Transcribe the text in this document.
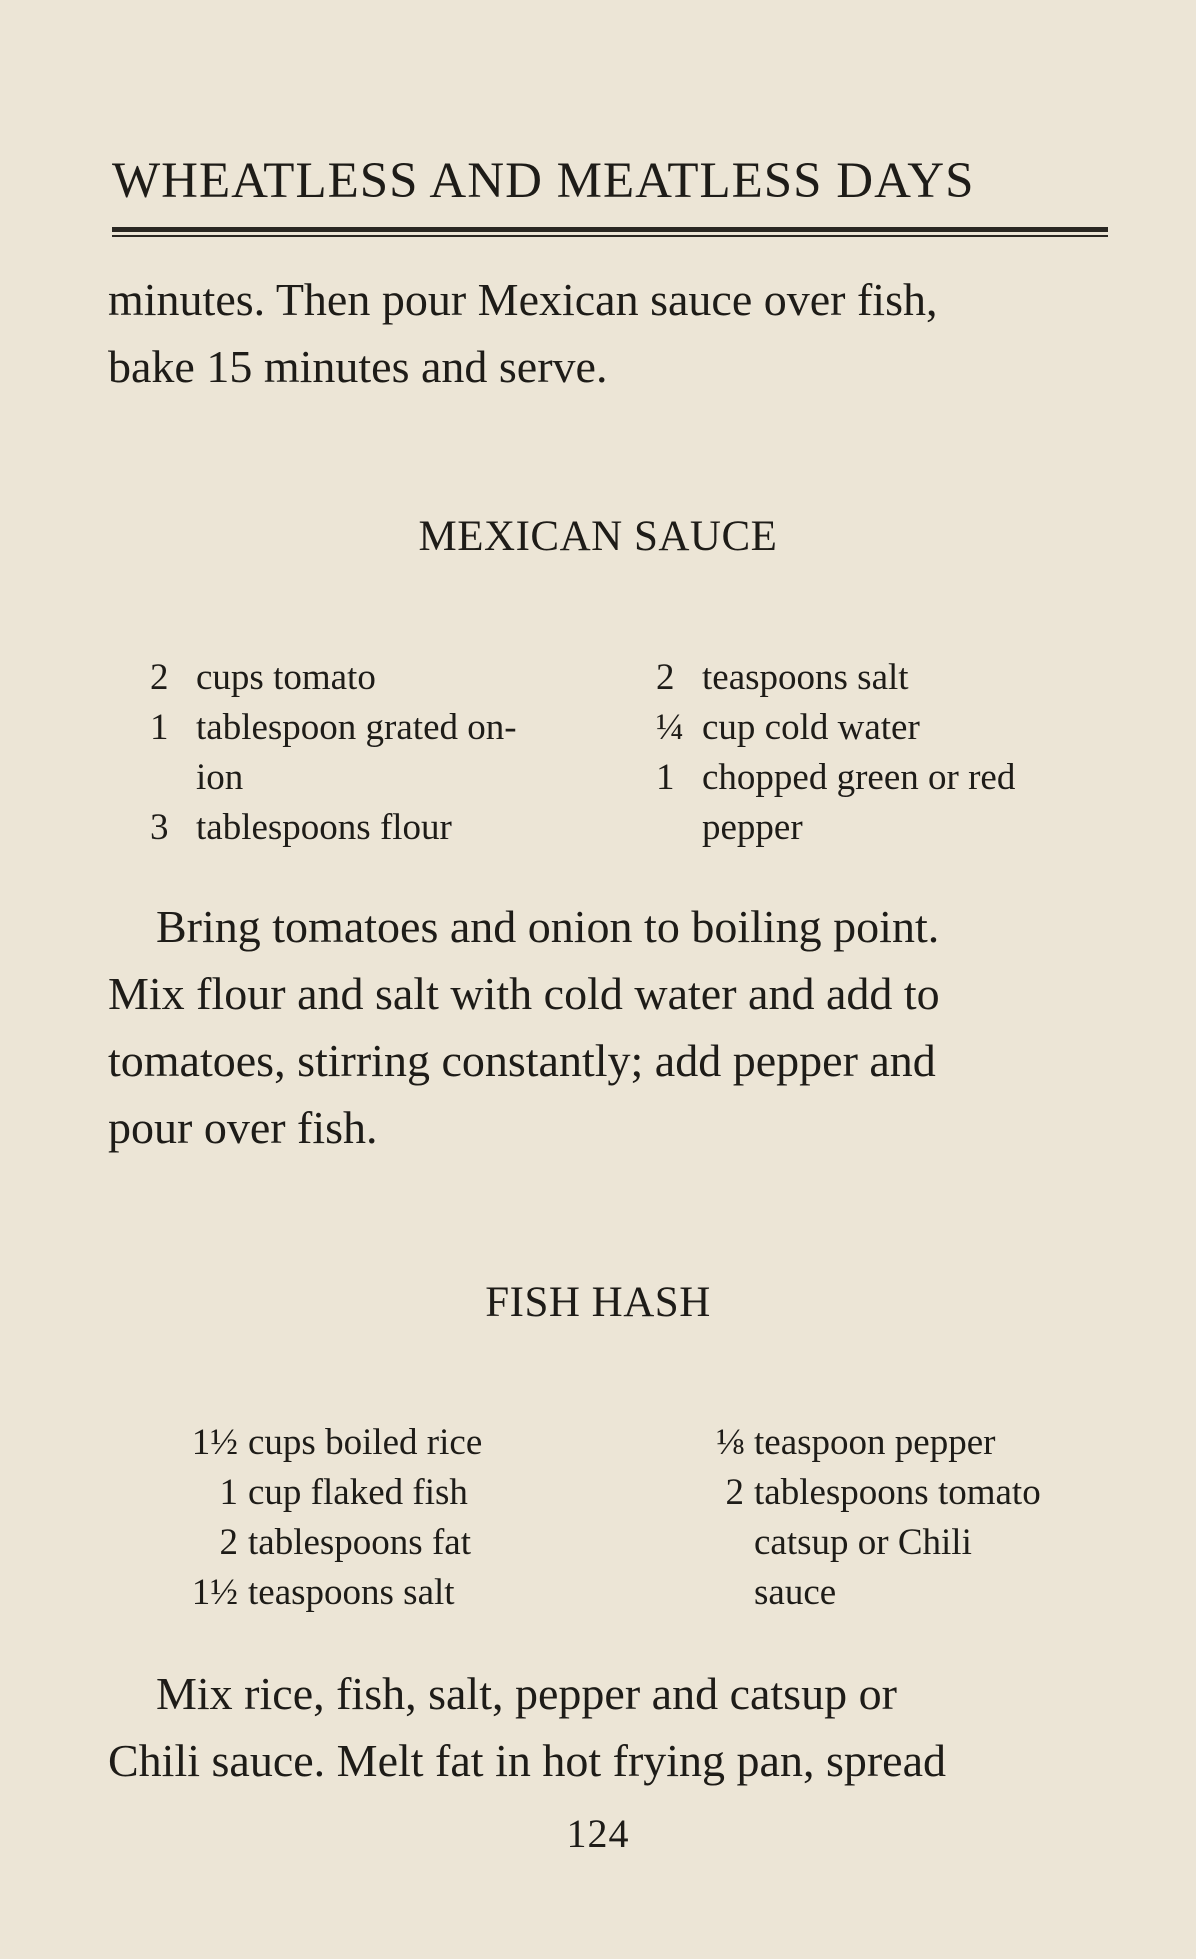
WHEATLESS AND MEATLESS DAYS

minutes. Then pour Mexican sauce over fish,
bake 15 minutes and serve.

MEXICAN SAUCE
2 cups tomato
1 tablespoon grated on-
ion
3 tablespoons flour
2 teaspoons salt
¼ cup cold water
1 chopped green or red
pepper

Bring tomatoes and onion to boiling point.
Mix flour and salt with cold water and add to
tomatoes, stirring constantly; add pepper and
pour over fish.

FISH HASH
1½ cups boiled rice
1 cup flaked fish
2 tablespoons fat
1½ teaspoons salt
⅛ teaspoon pepper
2 tablespoons tomato
catsup or Chili
sauce

Mix rice, fish, salt, pepper and catsup or
Chili sauce. Melt fat in hot frying pan, spread

124
